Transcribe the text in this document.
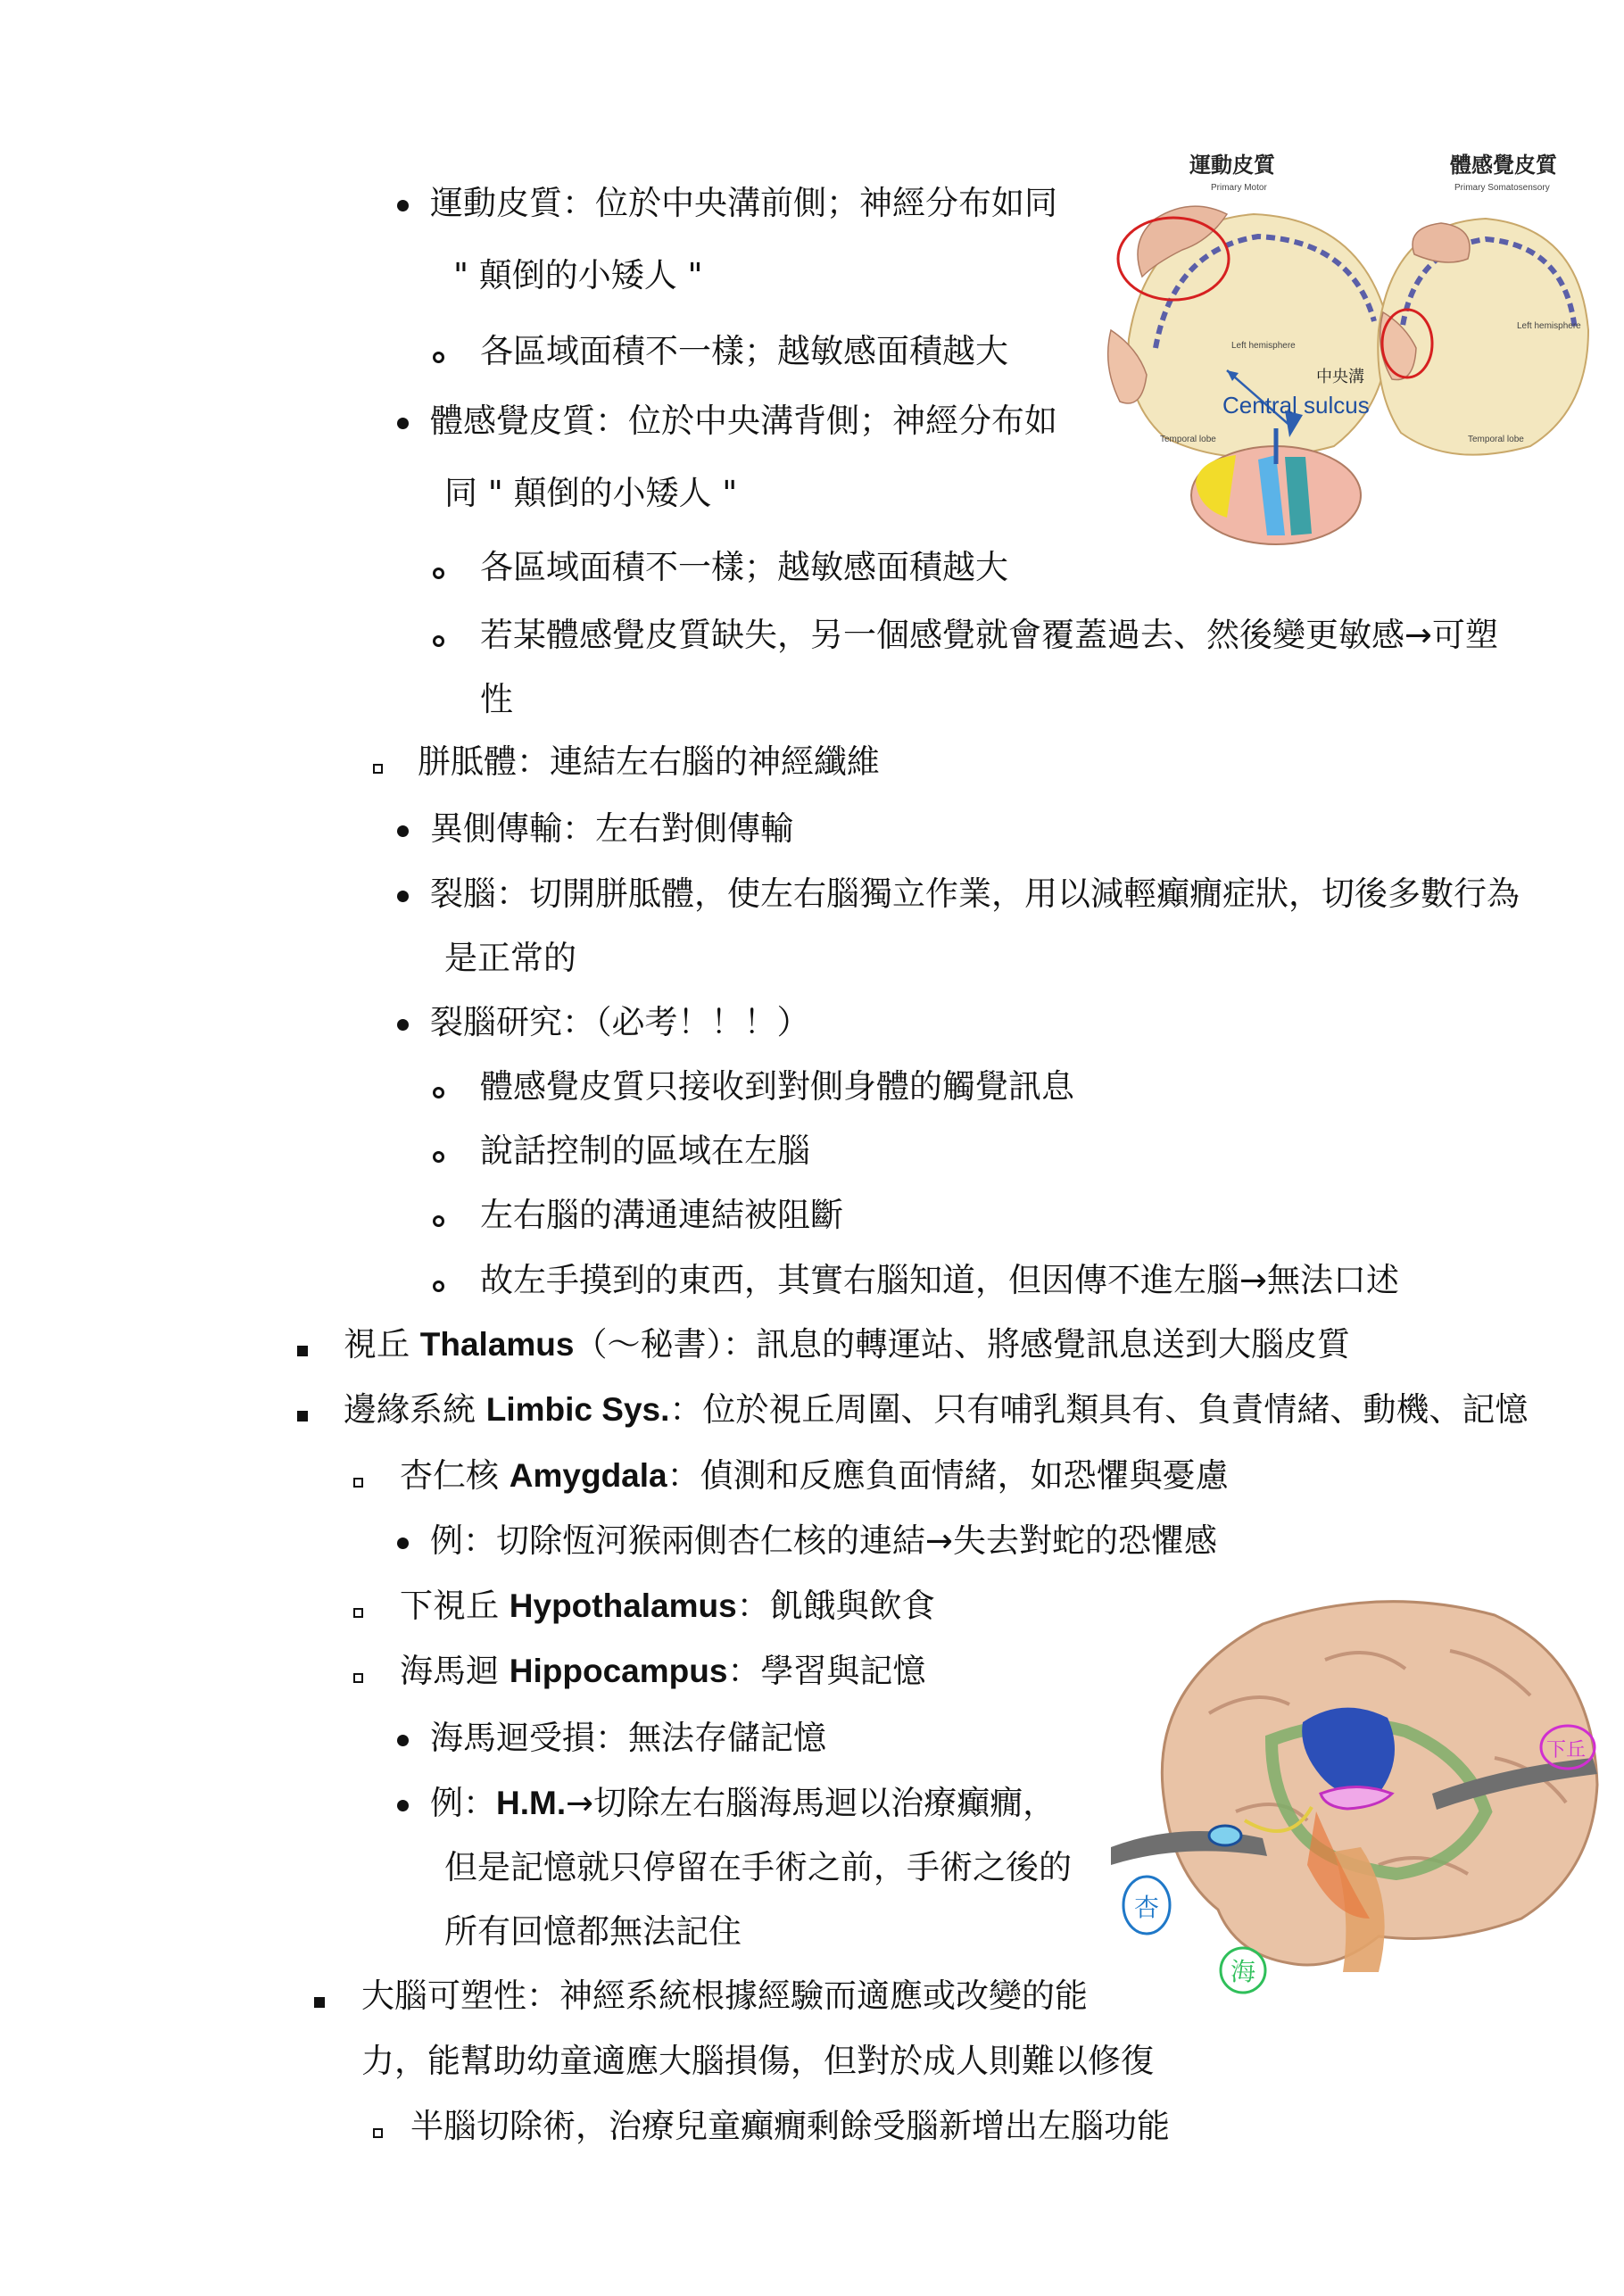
運動皮質
Primary Motor
體感覺皮質
Primary Somatosensory
Left hemisphere
Temporal lobe
Left hemisphere
Temporal lobe
Central sulcus
中央溝
杏
海
下丘
運動皮質：位於中央溝前側；神經分布如同
" 顛倒的小矮人 "
各區域面積不一樣；越敏感面積越大
體感覺皮質：位於中央溝背側；神經分布如
同 " 顛倒的小矮人 "
各區域面積不一樣；越敏感面積越大
若某體感覺皮質缺失，另一個感覺就會覆蓋過去、然後變更敏感→可塑
性
胼胝體：連結左右腦的神經纖維
異側傳輸：左右對側傳輸
裂腦：切開胼胝體，使左右腦獨立作業，用以減輕癲癇症狀，切後多數行為
是正常的
裂腦研究：（必考！！！）
體感覺皮質只接收到對側身體的觸覺訊息
說話控制的區域在左腦
左右腦的溝通連結被阻斷
故左手摸到的東西，其實右腦知道，但因傳不進左腦→無法口述
視丘 Thalamus（～秘書）：訊息的轉運站、將感覺訊息送到大腦皮質
邊緣系統 Limbic Sys.：位於視丘周圍、只有哺乳類具有、負責情緒、動機、記憶
杏仁核 Amygdala：偵測和反應負面情緒，如恐懼與憂慮
例：切除恆河猴兩側杏仁核的連結→失去對蛇的恐懼感
下視丘 Hypothalamus：飢餓與飲食
海馬迴 Hippocampus：學習與記憶
海馬迴受損：無法存儲記憶
例：H.M.→切除左右腦海馬迴以治療癲癇，
但是記憶就只停留在手術之前，手術之後的
所有回憶都無法記住
大腦可塑性：神經系統根據經驗而適應或改變的能
力，能幫助幼童適應大腦損傷，但對於成人則難以修復
半腦切除術，治療兒童癲癇剩餘受腦新增出左腦功能
